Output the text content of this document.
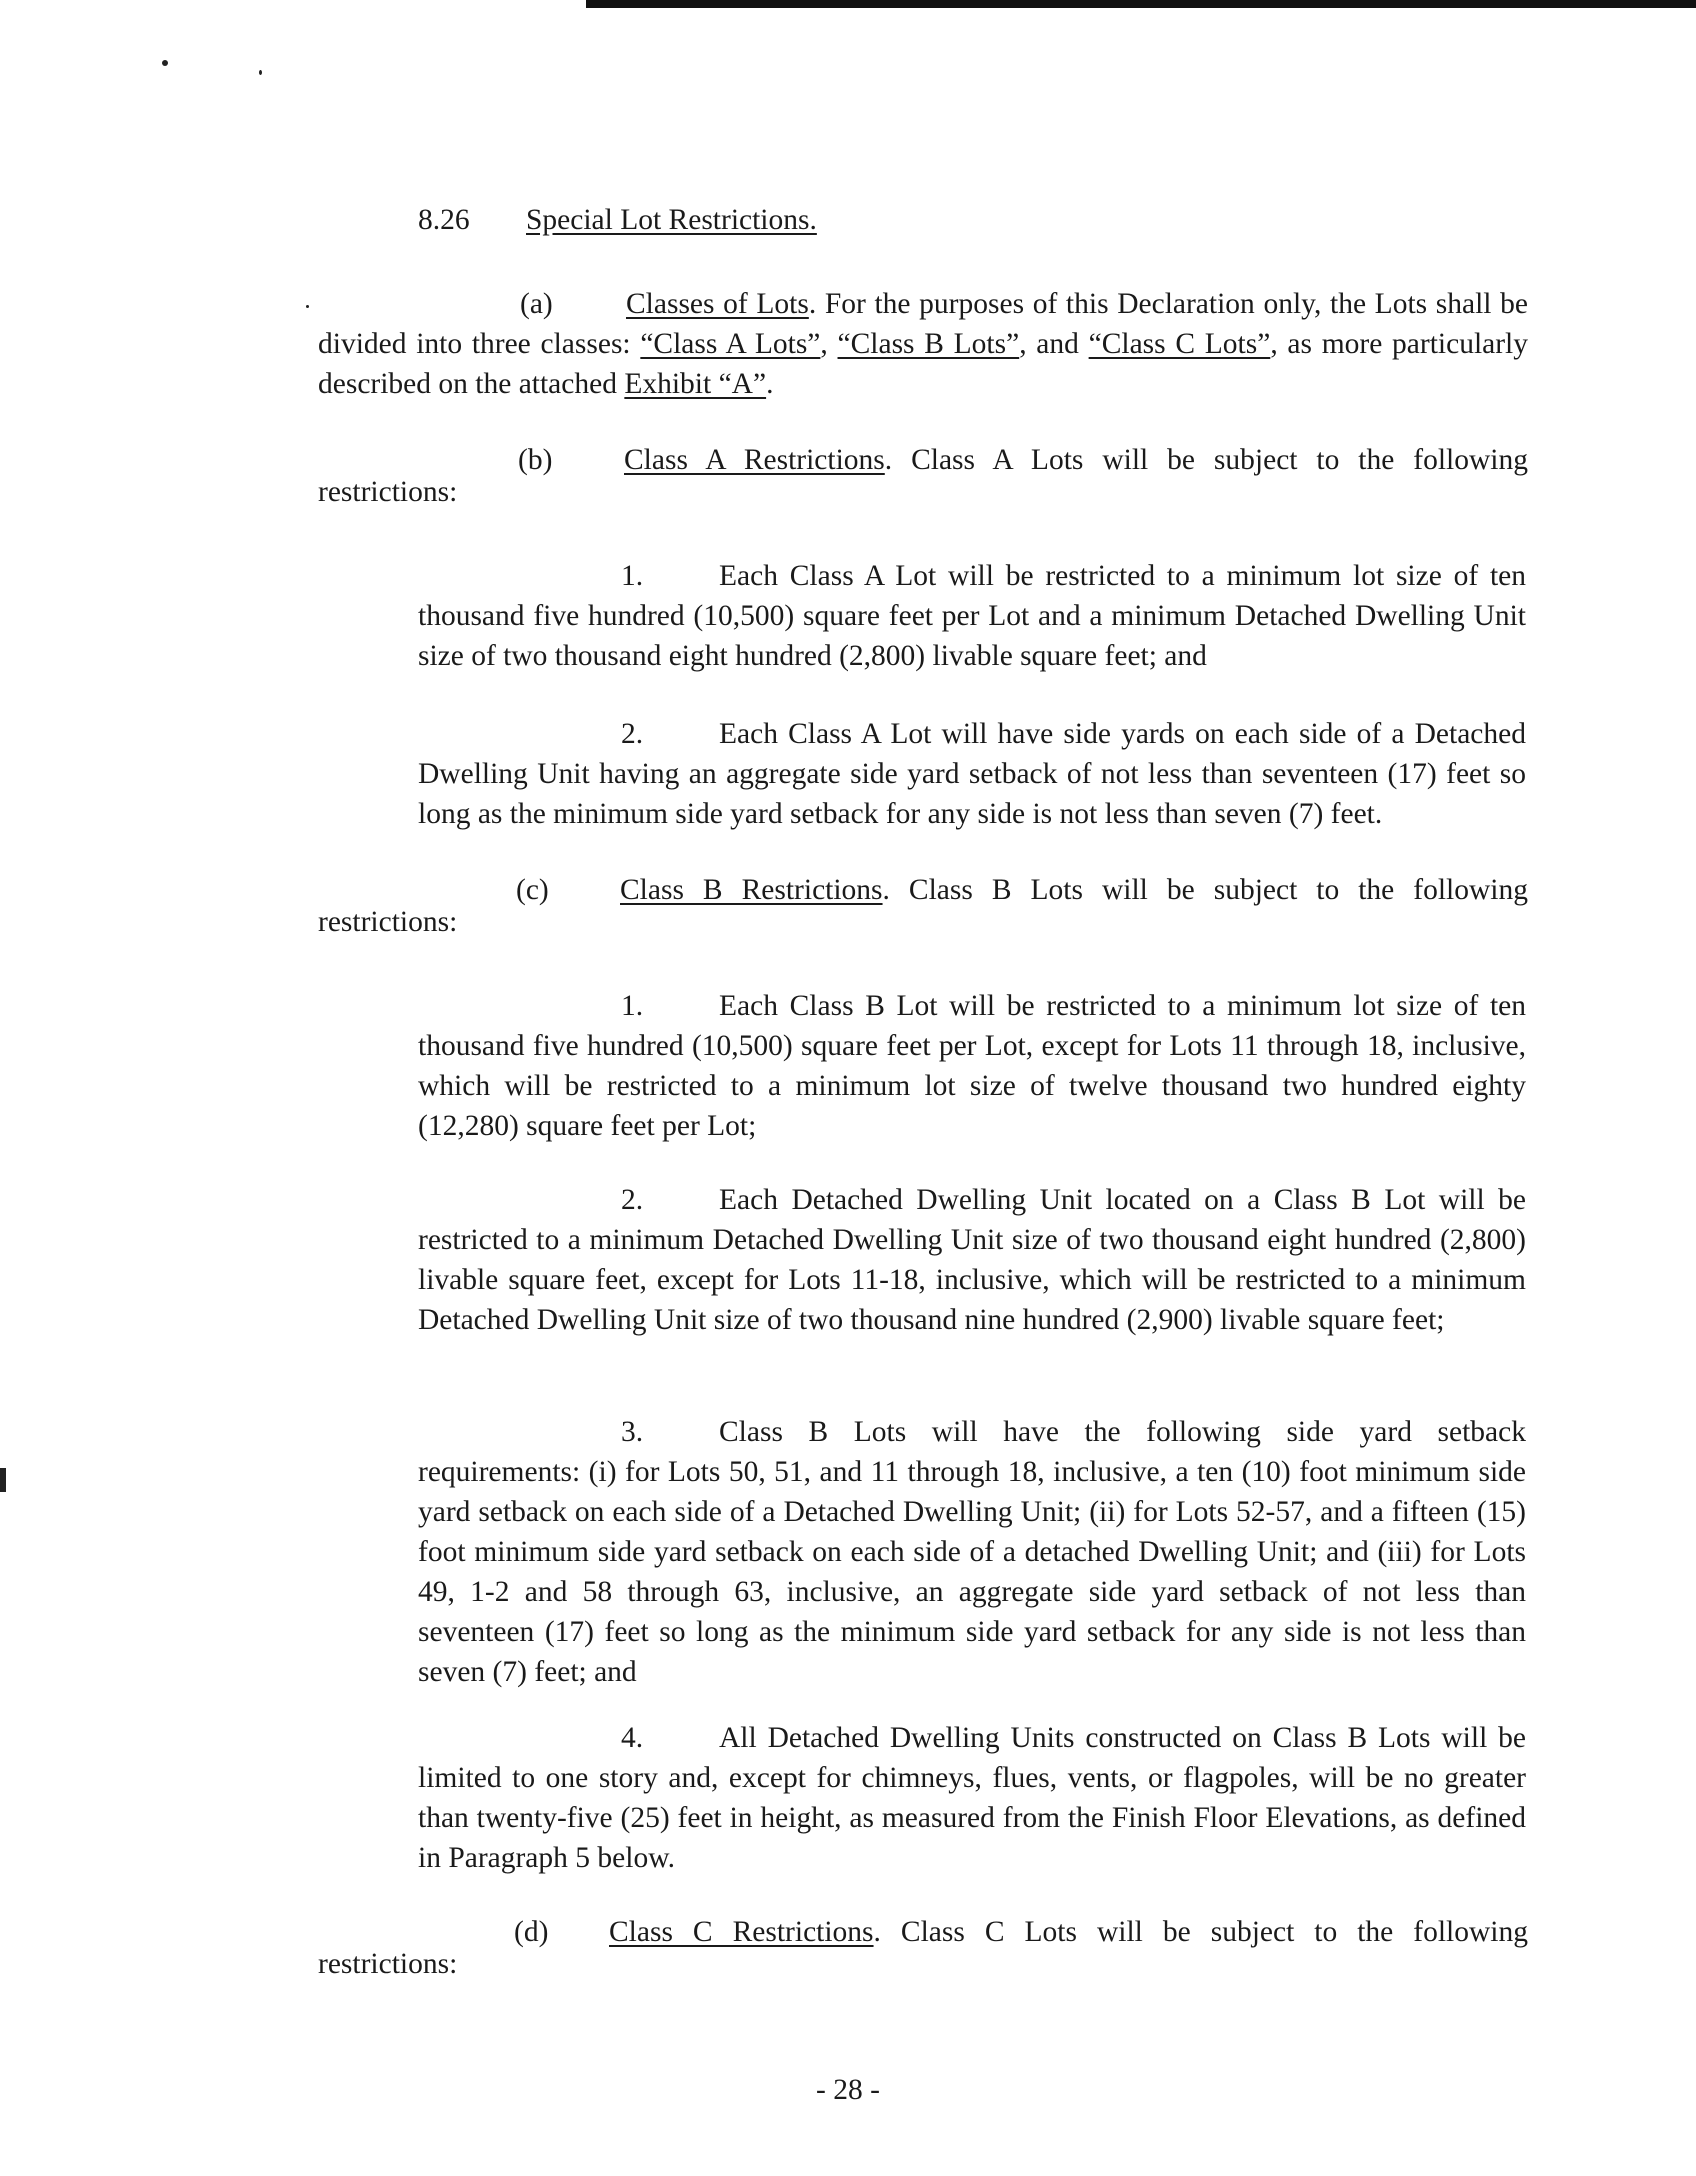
8.26 Special Lot Restrictions.
(a) Classes of Lots. For the purposes of this Declaration only, the Lots shall be divided into three classes: “Class A Lots”, “Class B Lots”, and “Class C Lots”, as more particularly described on the attached Exhibit “A”.
(b) Class A Restrictions. Class A Lots will be subject to the following
restrictions:
1.	Each Class A Lot will be restricted to a minimum lot size of ten thousand five hundred (10,500) square feet per Lot and a minimum Detached Dwelling Unit size of two thousand eight hundred (2,800) livable square feet; and
2.	Each Class A Lot will have side yards on each side of a Detached Dwelling Unit having an aggregate side yard setback of not less than seventeen (17) feet so long as the minimum side yard setback for any side is not less than seven (7) feet.
(c) Class B Restrictions. Class B Lots will be subject to the following
restrictions:
1.	Each Class B Lot will be restricted to a minimum lot size of ten thousand five hundred (10,500) square feet per Lot, except for Lots 11 through 18, inclusive, which will be restricted to a minimum lot size of twelve thousand two hundred eighty (12,280) square feet per Lot;
2.	Each Detached Dwelling Unit located on a Class B Lot will be restricted to a minimum Detached Dwelling Unit size of two thousand eight hundred (2,800) livable square feet, except for Lots 11-18, inclusive, which will be restricted to a minimum Detached Dwelling Unit size of two thousand nine hundred (2,900) livable square feet;
3.	Class B Lots will have the following side yard setback requirements: (i) for Lots 50, 51, and 11 through 18, inclusive, a ten (10) foot minimum side yard setback on each side of a Detached Dwelling Unit; (ii) for Lots 52-57, and a fifteen (15) foot minimum side yard setback on each side of a detached Dwelling Unit; and (iii) for Lots 49, 1-2 and 58 through 63, inclusive, an aggregate side yard setback of not less than seventeen (17) feet so long as the minimum side yard setback for any side is not less than seven (7) feet; and
4.	All Detached Dwelling Units constructed on Class B Lots will be limited to one story and, except for chimneys, flues, vents, or flagpoles, will be no greater than twenty-five (25) feet in height, as measured from the Finish Floor Elevations, as defined in Paragraph 5 below.
(d) Class C Restrictions. Class C Lots will be subject to the following
restrictions:
- 28 -
